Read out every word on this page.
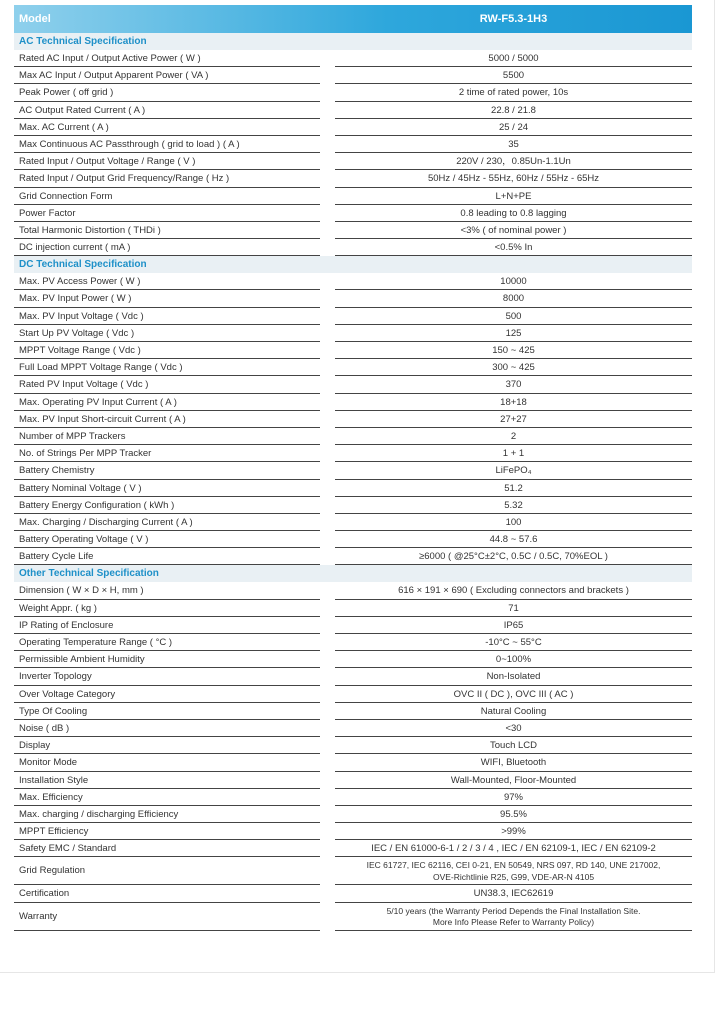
Model	RW-F5.3-1H3
AC Technical Specification
Rated AC Input / Output Active Power ( W )	5000 / 5000
Max AC Input / Output Apparent Power ( VA )	5500
Peak Power ( off grid )	2 time of rated power, 10s
AC Output Rated Current ( A )	22.8 / 21.8
Max. AC Current ( A )	25 / 24
Max Continuous AC Passthrough ( grid to load ) ( A )	35
Rated Input / Output Voltage / Range ( V )	220V / 230，0.85Un-1.1Un
Rated Input / Output Grid Frequency/Range ( Hz )	50Hz / 45Hz - 55Hz, 60Hz / 55Hz - 65Hz
Grid Connection Form	L+N+PE
Power Factor	0.8 leading to 0.8 lagging
Total Harmonic Distortion ( THDi )	<3% ( of nominal power )
DC injection current ( mA )	<0.5% In
DC Technical Specification
Max. PV Access Power ( W )	10000
Max. PV Input Power ( W )	8000
Max. PV Input Voltage ( Vdc )	500
Start Up PV Voltage ( Vdc )	125
MPPT Voltage Range ( Vdc )	150 ~ 425
Full Load MPPT Voltage Range ( Vdc )	300 ~ 425
Rated PV Input Voltage ( Vdc )	370
Max. Operating PV Input Current ( A )	18+18
Max. PV Input Short-circuit Current ( A )	27+27
Number of MPP Trackers	2
No. of Strings Per MPP Tracker	1 + 1
Battery Chemistry	LiFePO₄
Battery Nominal Voltage ( V )	51.2
Battery Energy Configuration ( kWh )	5.32
Max. Charging / Discharging Current ( A )	100
Battery Operating Voltage ( V )	44.8 ~ 57.6
Battery Cycle Life	≥6000 ( @25°C±2°C, 0.5C / 0.5C, 70%EOL )
Other Technical Specification
Dimension ( W × D × H, mm )	616 × 191 × 690 ( Excluding connectors and brackets )
Weight Appr. ( kg )	71
IP Rating of Enclosure	IP65
Operating Temperature Range ( °C )	-10°C ~ 55°C
Permissible Ambient Humidity	0~100%
Inverter Topology	Non-Isolated
Over Voltage Category	OVC II ( DC ), OVC III ( AC )
Type Of Cooling	Natural Cooling
Noise ( dB )	<30
Display	Touch LCD
Monitor Mode	WIFI, Bluetooth
Installation Style	Wall-Mounted, Floor-Mounted
Max. Efficiency	97%
Max. charging / discharging Efficiency	95.5%
MPPT Efficiency	>99%
Safety EMC / Standard	IEC / EN 61000-6-1 / 2 / 3 / 4 , IEC / EN 62109-1, IEC / EN 62109-2
Grid Regulation	IEC 61727, IEC 62116, CEI 0-21, EN 50549, NRS 097, RD 140, UNE 217002,
OVE-Richtlinie R25, G99, VDE-AR-N 4105
Certification	UN38.3, IEC62619
Warranty	5/10 years (the Warranty Period Depends the Final Installation Site.
More Info Please Refer to Warranty Policy)
